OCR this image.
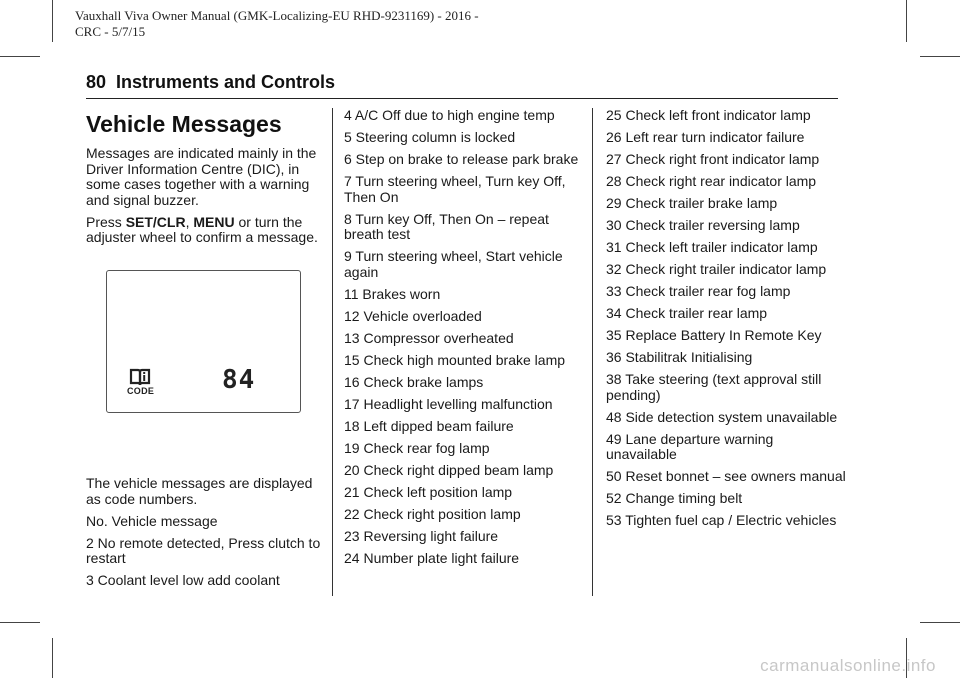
Vauxhall Viva Owner Manual (GMK-Localizing-EU RHD-9231169) - 2016 -
CRC - 5/7/15

80 Instruments and Controls
Vehicle Messages

Messages are indicated mainly in the Driver Information Centre (DIC), in some cases together with a warning and signal buzzer.

Press SET/CLR, MENU or turn the adjuster wheel to confirm a message.

CODE	84

The vehicle messages are displayed as code numbers.

No. Vehicle message

2 No remote detected, Press clutch to restart
3 Coolant level low add coolant
4 A/C Off due to high engine temp
5 Steering column is locked
6 Step on brake to release park brake
7 Turn steering wheel, Turn key Off, Then On
8 Turn key Off, Then On – repeat breath test
9 Turn steering wheel, Start vehicle again
11 Brakes worn
12 Vehicle overloaded
13 Compressor overheated
15 Check high mounted brake lamp
16 Check brake lamps
17 Headlight levelling malfunction
18 Left dipped beam failure
19 Check rear fog lamp
20 Check right dipped beam lamp
21 Check left position lamp
22 Check right position lamp
23 Reversing light failure
24 Number plate light failure
25 Check left front indicator lamp
26 Left rear turn indicator failure
27 Check right front indicator lamp
28 Check right rear indicator lamp
29 Check trailer brake lamp
30 Check trailer reversing lamp
31 Check left trailer indicator lamp
32 Check right trailer indicator lamp
33 Check trailer rear fog lamp
34 Check trailer rear lamp
35 Replace Battery In Remote Key
36 Stabilitrak Initialising
38 Take steering (text approval still pending)
48 Side detection system unavailable
49 Lane departure warning unavailable
50 Reset bonnet – see owners manual
52 Change timing belt
53 Tighten fuel cap / Electric vehicles
carmanualsonline.info
